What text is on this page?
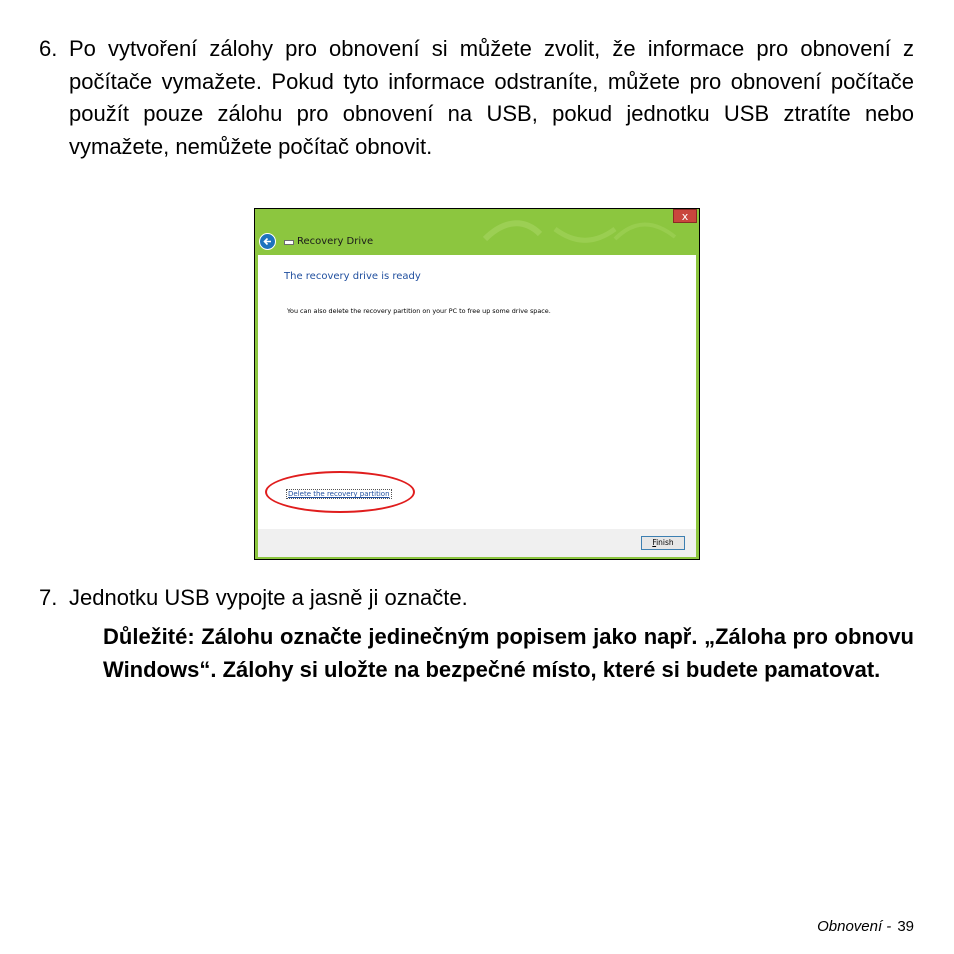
6. Po vytvoření zálohy pro obnovení si můžete zvolit, že informace pro obnovení z počítače vymažete. Pokud tyto informace odstraníte, můžete pro obnovení počítače použít pouze zálohu pro obnovení na USB, pokud jednotku USB ztratíte nebo vymažete, nemůžete počítač obnovit.
x
Recovery Drive
The recovery drive is ready
You can also delete the recovery partition on your PC to free up some drive space.
Delete the recovery partition
Finish
7. Jednotku USB vypojte a jasně ji označte.
Důležité: Zálohu označte jedinečným popisem jako např. „Záloha pro obnovu Windows“. Zálohy si uložte na bezpečné místo, které si budete pamatovat.
Obnovení - 39
